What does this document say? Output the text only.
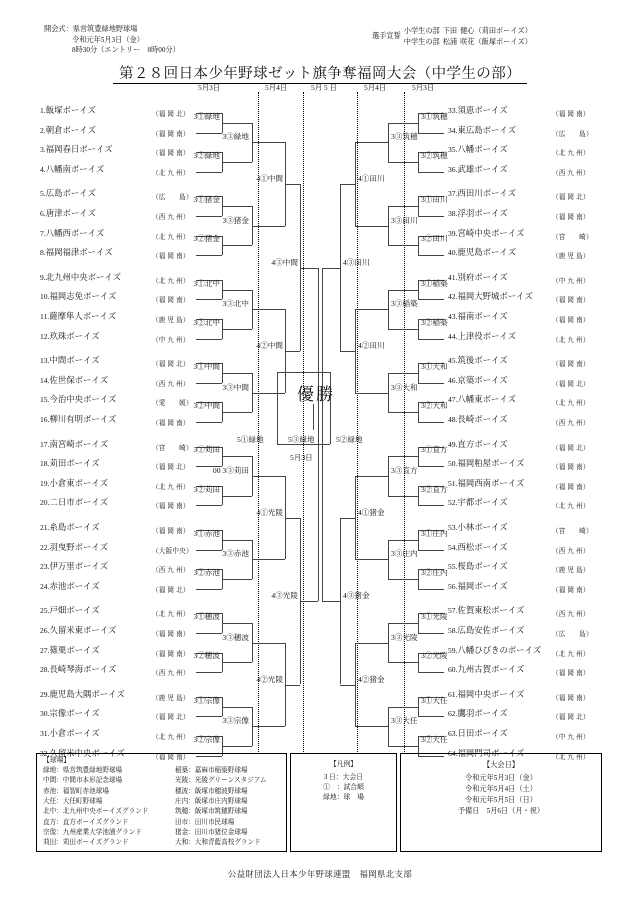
開会式：県営筑豊緑地野球場
令和元年5月3日（金）
8時30分（エントリー　8時00分）
選手宣誓	小学生の部	下田	健心（苅田ボーイズ）
	中学生の部	松浦	咲花（飯塚ボーイズ）
第２８回日本少年野球ゼット旗争奪福岡大会（中学生の部）
5月3日	5月4日	5月 5 日	5月4日	5月3日
1.飯塚ボーイズ	（福 岡 北）
2.朝倉ボーイズ	（福 岡 南）
3.福岡春日ボーイズ	（福 岡 南）
4.八幡南ボーイズ	（北 九 州）
5.広島ボーイズ	（広　　島）
6.唐津ボーイズ	（西 九 州）
7.八幡西ボーイズ	（北 九 州）
8.福岡福津ボーイズ	（福 岡 南）
9.北九州中央ボーイズ	（北 九 州）
10.福岡志免ボーイズ	（福 岡 南）
11.薩摩隼人ボーイズ	（鹿 児 島）
12.玖珠ボーイズ	（中 九 州）
13.中間ボーイズ	（福 岡 北）
14.佐世保ボーイズ	（西 九 州）
15.今治中央ボーイズ	（愛　　媛）
16.柳川有明ボーイズ	（福 岡 南）
17.南宮崎ボーイズ	（宮　　崎）
18.苅田ボーイズ	（福 岡 北）
19.小倉東ボーイズ	（北 九 州）
20.二日市ボーイズ	（福 岡 南）
21.糸島ボーイズ	（福 岡 南）
22.羽曳野ボーイズ	（大阪中央）
23.伊万里ボーイズ	（西 九 州）
24.赤池ボーイズ	（福 岡 北）
25.戸畑ボーイズ	（北 九 州）
26.久留米東ボーイズ	（福 岡 南）
27.篠栗ボーイズ	（福 岡 南）
28.長崎琴海ボーイズ	（西 九 州）
29.鹿児島大隅ボーイズ	（鹿 児 島）
30.宗像ボーイズ	（福 岡 北）
31.小倉ボーイズ	（北 九 州）
32.久留米中央ボーイズ	（福 岡 南）
3①緑地
3②緑地
3①猪金
3②猪金
3①北中
3②北中
3①中間
3②中間
3①苅田
3②苅田
3①赤池
3②赤池
3①穂波
3②穂波
3①宗像
3②宗像
3③緑地
3③猪金
3③北中
3③中間
00 3③苅田
3③赤池
3③穂波
3③宗像
4①中間
4②中間
4①光陵
4②光陵
4③中間
4③光陵
33.須恵ボーイズ	（福 岡 南）
34.東広島ボーイズ	（広　　島）
35.八幡ボーイズ	（北 九 州）
36.武雄ボーイズ	（西 九 州）
37.西田川ボーイズ	（福 岡 北）
38.浮羽ボーイズ	（福 岡 南）
39.宮崎中央ボーイズ	（宮　　崎）
40.鹿児島ボーイズ	（鹿 児 島）
41.別府ボーイズ	（中 九 州）
42.福岡大野城ボーイズ	（福 岡 南）
43.福南ボーイズ	（福 岡 南）
44.上津役ボーイズ	（北 九 州）
45.筑後ボーイズ	（福 岡 南）
46.京築ボーイズ	（福 岡 北）
47.八幡東ボーイズ	（北 九 州）
48.長崎ボーイズ	（西 九 州）
49.直方ボーイズ	（福 岡 北）
50.福岡粕屋ボーイズ	（福 岡 南）
51.福岡西南ボーイズ	（福 岡 南）
52.宇都ボーイズ	（北 九 州）
53.小林ボーイズ	（宮　　崎）
54.西松ボーイズ	（西 九 州）
55.桜島ボーイズ	（鹿 児 島）
56.福岡ボーイズ	（福 岡 南）
57.佐賀東松ボーイズ	（西 九 州）
58.広島安佐ボーイズ	（広　　島）
59.八幡ひびきのボーイズ （北 九 州）
60.九州古賀ボーイズ	（福 岡 南）
61.福岡中央ボーイズ	（福 岡 南）
62.鷹羽ボーイズ	（福 岡 北）
63.日田ボーイズ	（中 九 州）
64.福岡門司ボーイズ	（北 九 州）
3①筑穂
3②筑穂
3①田川
3②田川
3①稲築
3②稲築
3①大和
3②大和
3①直方
3②直方
3①庄内
3②庄内
3①光陵
3②光陵
3①大任
3②大任
3③筑穂
3③田川
3③稲築
3③大和
3③直方
3③庄内
3③光陵
3③大任
4①田川
4②田川
4①猪金
4②猪金
4③田川
4③猪金
優勝
5③緑地
5月3日
5①緑地	5②緑地
【球場】
緑地：県営筑豊緑地野球場
中間：中間市本形記念球場
赤池：福智町赤池球場
大任：大任町野球場
北中：北九州中央ボーイズグランド
直方：直方ボーイズグランド
宗像：九州産業大学池浦グランド
苅田：苅田ボーイズグランド
稲築：嘉麻市稲築野球場
光陵：光陵グリーンスタジアム
穂波：飯塚市穂波野球場
庄内：飯塚市庄内野球場
筑穂：飯塚市筑穂野球場
田市：田川市民球場
猪金：田川市猪位金球場
大和：大和青藍高校グランド
【凡例】
3 日：大会日
①　：試合順
緑地：球　場
【大会日】
令和元年5月3日（金）
令和元年5月4日（土）
令和元年5月5日（日）
予備日　5月6日（月・祝）
公益財団法人日本少年野球連盟　福岡県北支部
